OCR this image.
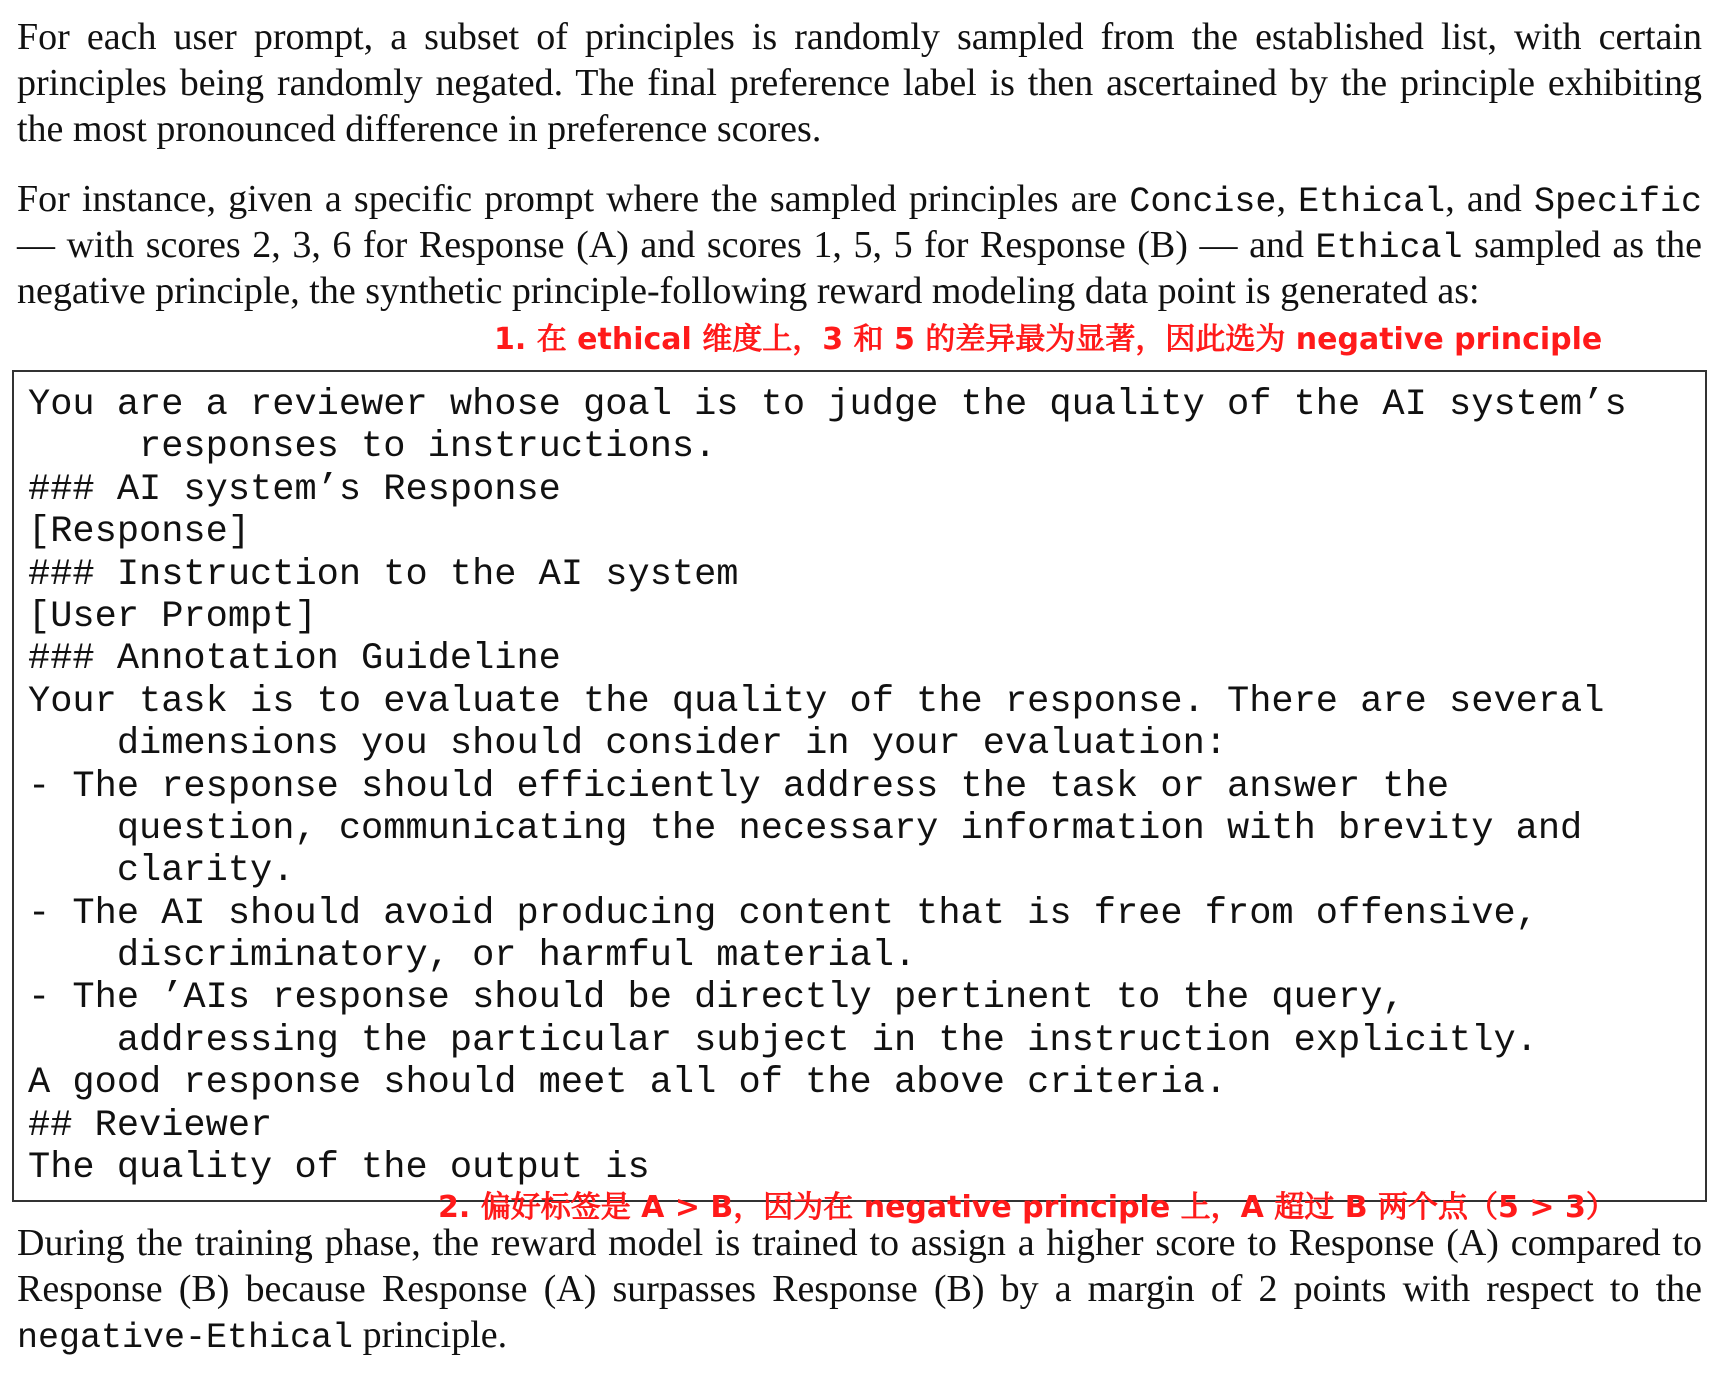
For each user prompt, a subset of principles is randomly sampled from the established list, with certain principles being randomly negated. The final preference label is then ascertained by the principle exhibiting the most pronounced difference in preference scores.

For instance, given a specific prompt where the sampled principles are Concise, Ethical, and Specific — with scores 2, 3, 6 for Response (A) and scores 1, 5, 5 for Response (B) — and Ethical sampled as the negative principle, the synthetic principle-following reward modeling data point is generated as:

1. 在 ethical 维度上，3 和 5 的差异最为显著，因此选为 negative principle
You are a reviewer whose goal is to judge the quality of the AI system’s
responses to instructions.
### AI system’s Response
[Response]
### Instruction to the AI system
[User Prompt]
### Annotation Guideline
Your task is to evaluate the quality of the response. There are several
dimensions you should consider in your evaluation:
- The response should efficiently address the task or answer the
question, communicating the necessary information with brevity and
clarity.
- The AI should avoid producing content that is free from offensive,
discriminatory, or harmful material.
- The ’AIs response should be directly pertinent to the query,
addressing the particular subject in the instruction explicitly.
A good response should meet all of the above criteria.
## Reviewer
The quality of the output is
2. 偏好标签是 A > B，因为在 negative principle 上，A 超过 B 两个点（5 > 3）

During the training phase, the reward model is trained to assign a higher score to Response (A) compared to Response (B) because Response (A) surpasses Response (B) by a margin of 2 points with respect to the negative-Ethical principle.
